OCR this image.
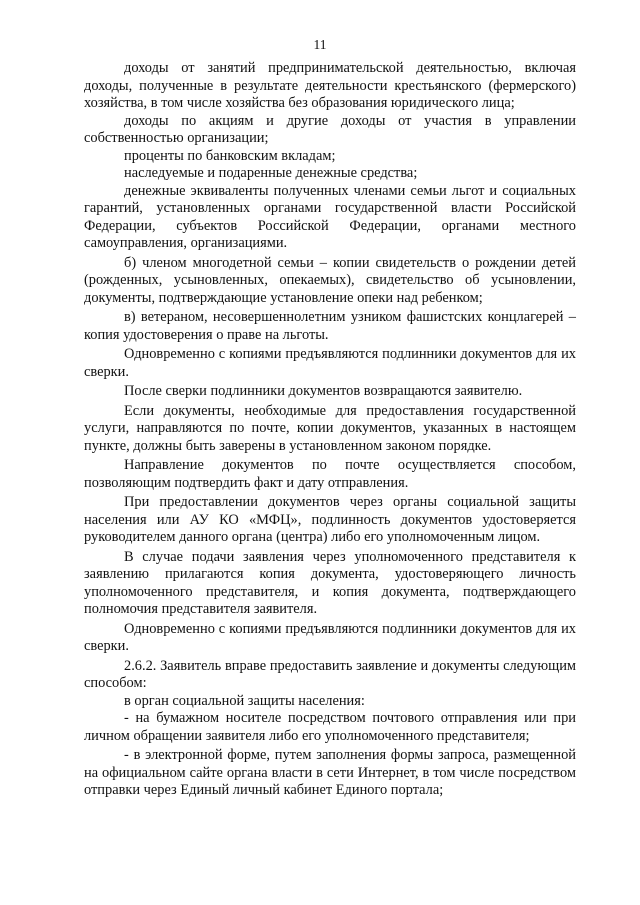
11

доходы от занятий предпринимательской деятельностью, включая доходы, полученные в результате деятельности крестьянского (фермерского) хозяйства, в том числе хозяйства без образования юридического лица;

доходы по акциям и другие доходы от участия в управлении собственностью организации;

проценты по банковским вкладам;

наследуемые и подаренные денежные средства;

денежные эквиваленты полученных членами семьи льгот и социальных гарантий, установленных органами государственной власти Российской Федерации, субъектов Российской Федерации, органами местного самоуправления, организациями.

б) членом многодетной семьи – копии свидетельств о рождении детей (рожденных, усыновленных, опекаемых), свидетельство об усыновлении, документы, подтверждающие установление опеки над ребенком;

в) ветераном, несовершеннолетним узником фашистских концлагерей – копия удостоверения о праве на льготы.

Одновременно с копиями предъявляются подлинники документов для их сверки.

После сверки подлинники документов возвращаются заявителю.

Если документы, необходимые для предоставления государственной услуги, направляются по почте, копии документов, указанных в настоящем пункте, должны быть заверены в установленном законом порядке.

Направление документов по почте осуществляется способом, позволяющим подтвердить факт и дату отправления.

При предоставлении документов через органы социальной защиты населения или АУ КО «МФЦ», подлинность документов удостоверяется руководителем данного органа (центра) либо его уполномоченным лицом.

В случае подачи заявления через уполномоченного представителя к заявлению прилагаются копия документа, удостоверяющего личность уполномоченного представителя, и копия документа, подтверждающего полномочия представителя заявителя.

Одновременно с копиями предъявляются подлинники документов для их сверки.

2.6.2. Заявитель вправе предоставить заявление и документы следующим способом:

в орган социальной защиты населения:

- на бумажном носителе посредством почтового отправления или при личном обращении заявителя либо его уполномоченного представителя;

- в электронной форме, путем заполнения формы запроса, размещенной на официальном сайте органа власти в сети Интернет, в том числе посредством отправки через Единый личный кабинет Единого портала;
